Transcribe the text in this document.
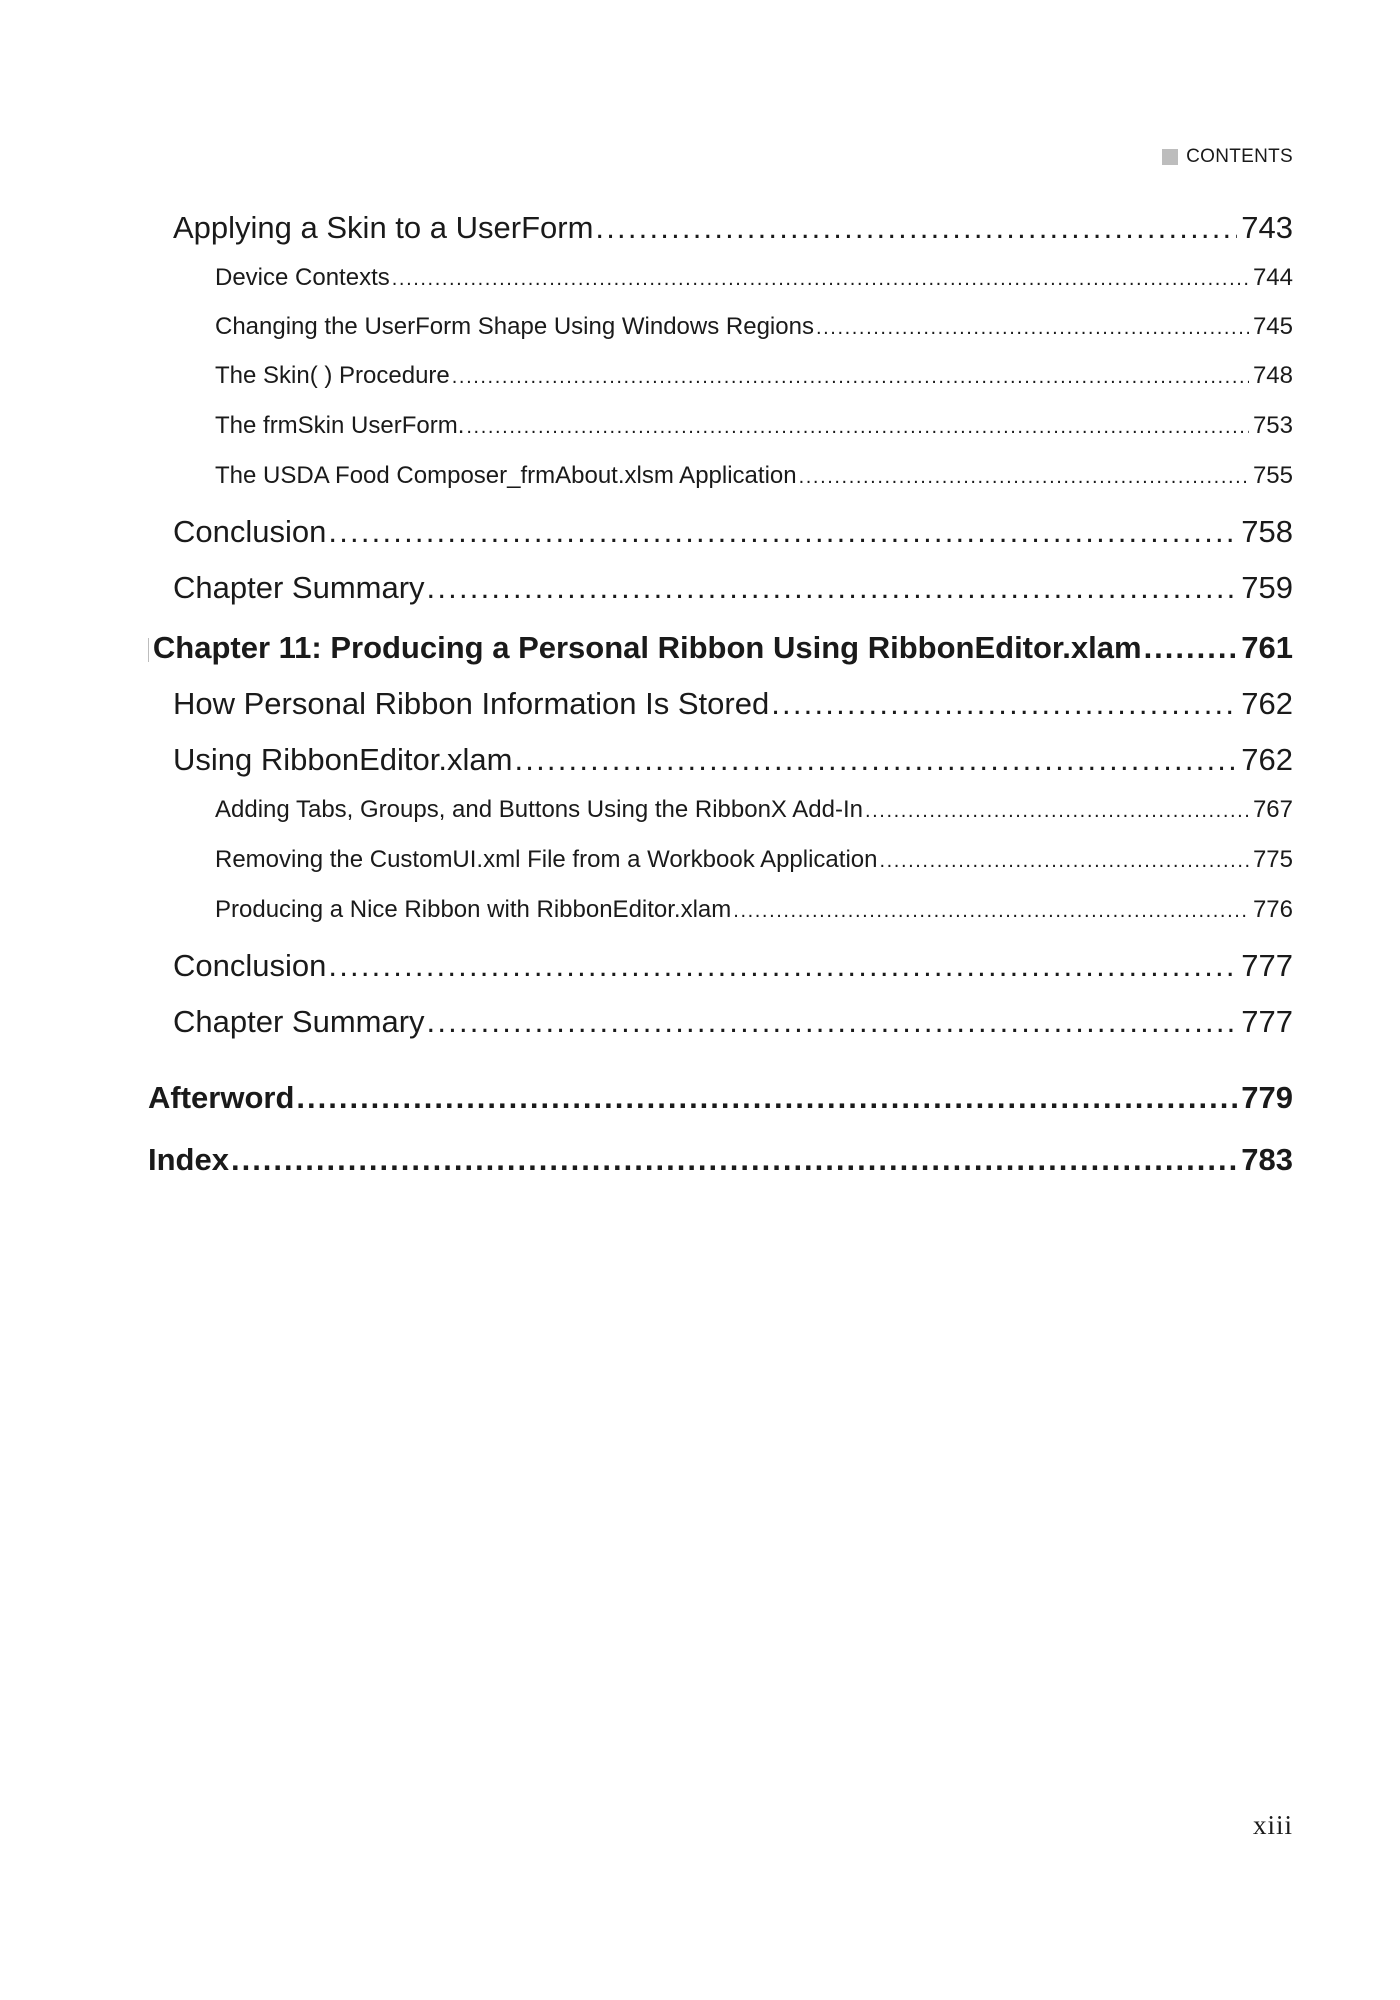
CONTENTS
Applying a Skin to a UserForm .....	743
Device Contexts .....	744
Changing the UserForm Shape Using Windows Regions .....	745
The Skin( ) Procedure .....	748
The frmSkin UserForm. .....	753
The USDA Food Composer_frmAbout.xlsm Application .....	755
Conclusion .....	758
Chapter Summary .....	759
Chapter 11: Producing a Personal Ribbon Using RibbonEditor.xlam .....	761
How Personal Ribbon Information Is Stored .....	762
Using RibbonEditor.xlam .....	762
Adding Tabs, Groups, and Buttons Using the RibbonX Add-In .....	767
Removing the CustomUI.xml File from a Workbook Application .....	775
Producing a Nice Ribbon with RibbonEditor.xlam .....	776
Conclusion .....	777
Chapter Summary .....	777
Afterword .....	779
Index .....	783
xiii
